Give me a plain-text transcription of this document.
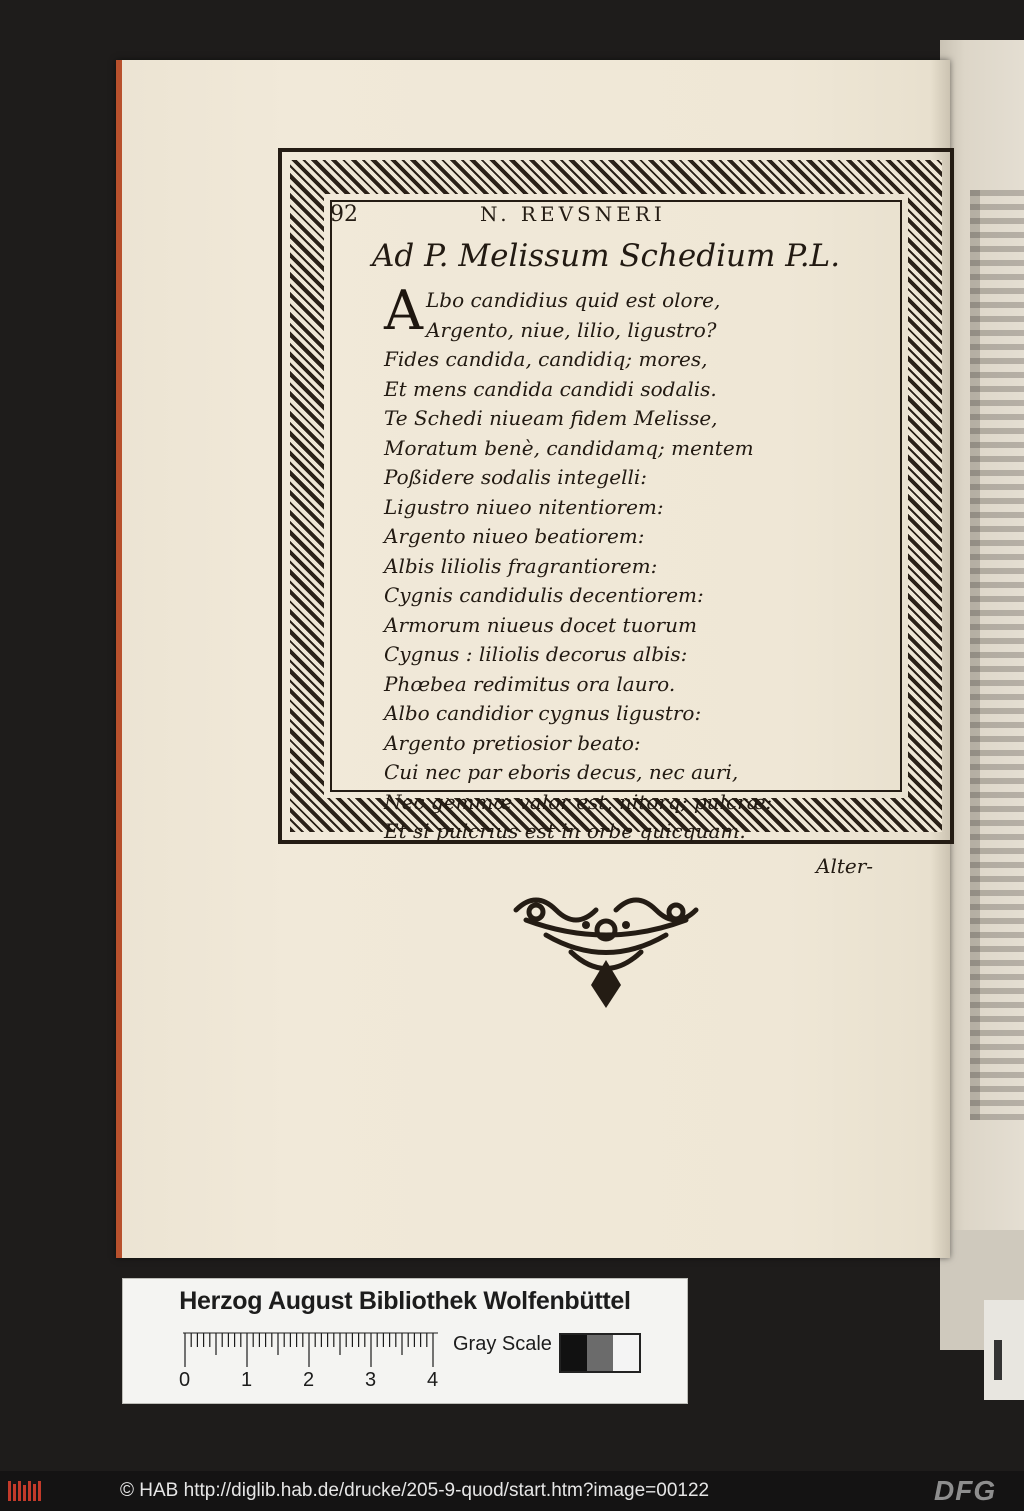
92	N. REVSNERI
Ad P. Melissum Schedium P.L.
A Lbo candidius quid est olore,
Argento, niue, lilio, ligustro?
Fides candida, candidiq; mores,
Et mens candida candidi sodalis.
Te Schedi niueam fidem Melisse,
Moratum benè, candidamq; mentem
Poßidere sodalis integelli:
Ligustro niueo nitentiorem:
Argento niueo beatiorem:
Albis liliolis fragrantiorem:
Cygnis candidulis decentiorem:
Armorum niueus docet tuorum
Cygnus : liliolis decorus albis:
Phœbea redimitus ora lauro.
Albo candidior cygnus ligustro:
Argento pretiosior beato:
Cui nec par eboris decus, nec auri,
Nec gemmæ valor est, nitorq; pulcræ:
Et si pulcrius est in orbe quicquam.
Alter-
Herzog August Bibliothek Wolfenbüttel
0	1	2	3	4
Gray Scale
© HAB http://diglib.hab.de/drucke/205-9-quod/start.htm?image=00122	DFG
